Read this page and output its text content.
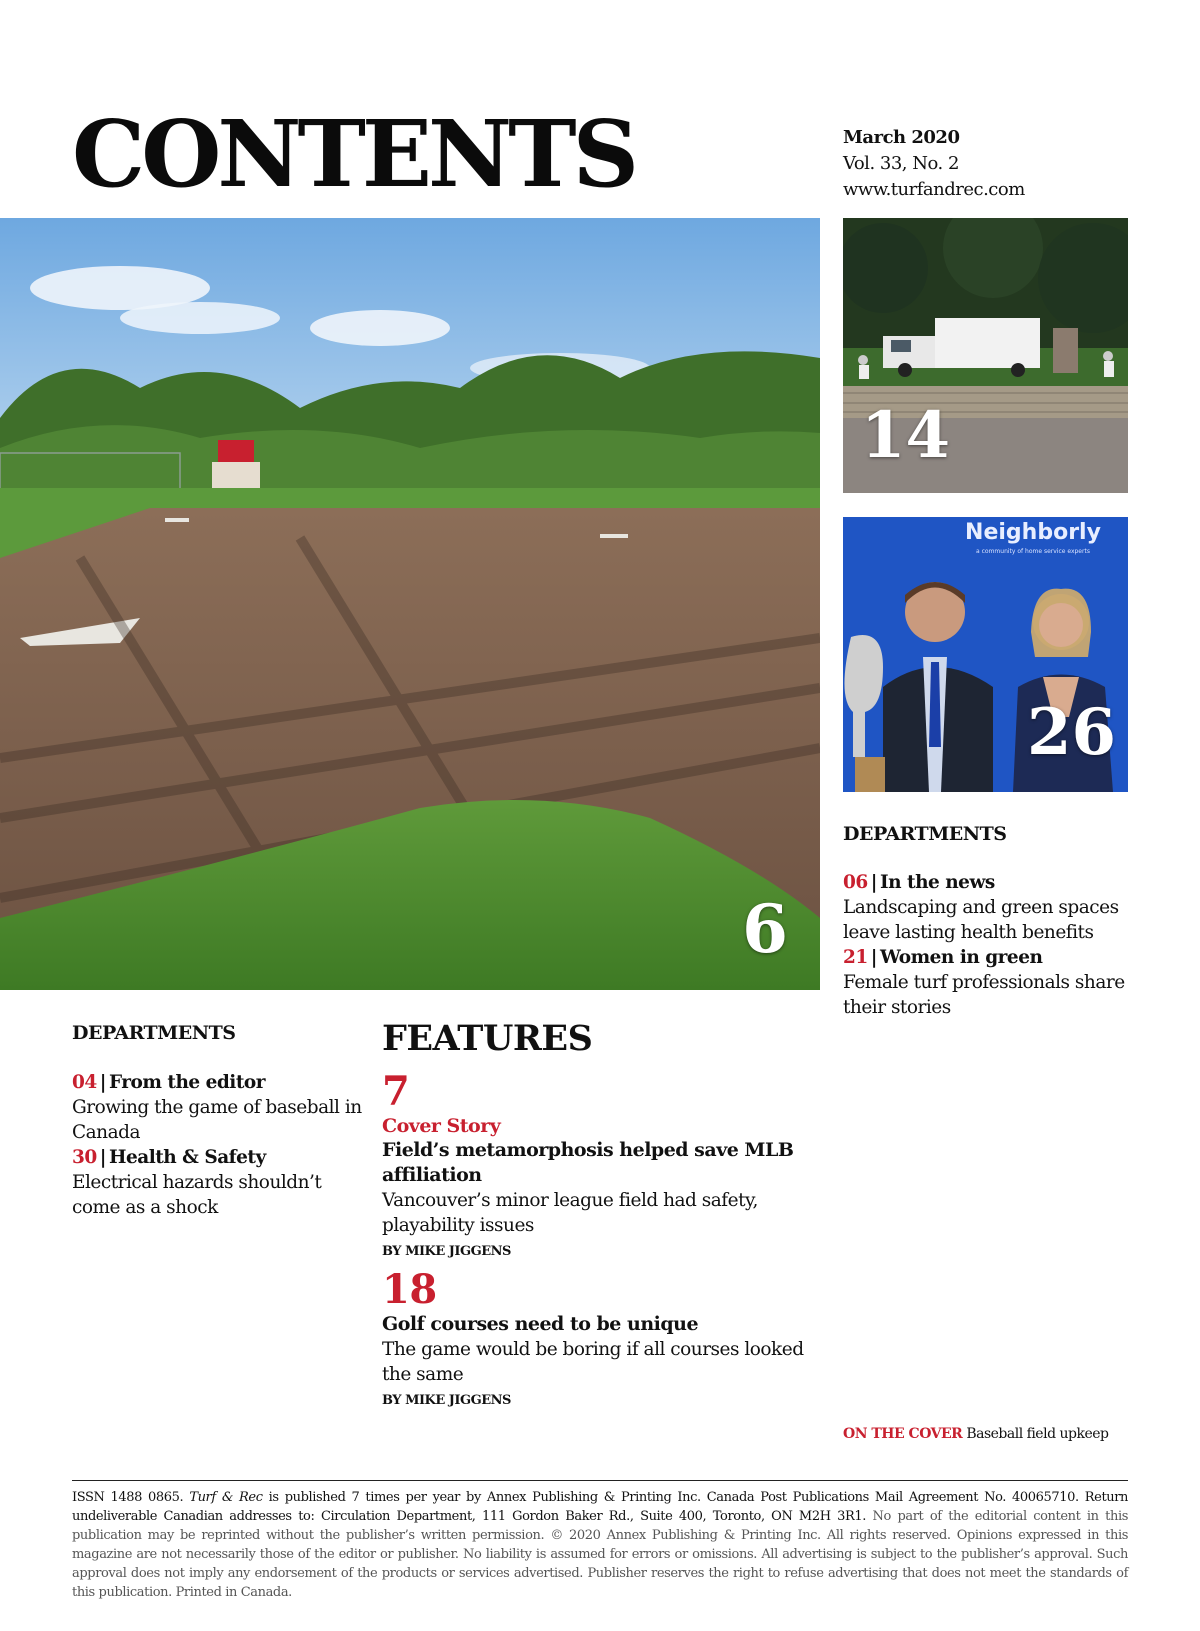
CONTENTS	March 2020
Vol. 33, No. 2
www.turfandrec.com
6
14
Neighborly
a community of home service experts
26
DEPARTMENTS
06 | In the news
Landscaping and green spaces leave lasting health benefits
21 | Women in green
Female turf professionals share their stories
DEPARTMENTS
04 | From the editor
Growing the game of baseball in Canada
30 | Health & Safety
Electrical hazards shouldn’t come as a shock
FEATURES
7
Cover Story
Field’s metamorphosis helped save MLB affiliation
Vancouver’s minor league field had safety, playability issues
BY MIKE JIGGENS
18
Golf courses need to be unique
The game would be boring if all courses looked the same
BY MIKE JIGGENS
ON THE COVER Baseball field upkeep
ISSN 1488 0865. Turf & Rec is published 7 times per year by Annex Publishing & Printing Inc. Canada Post Publications Mail Agreement No. 40065710. Return undeliverable Canadian addresses to: Circulation Department, 111 Gordon Baker Rd., Suite 400, Toronto, ON M2H 3R1. No part of the editorial content in this publication may be reprinted without the publisher’s written permission. © 2020 Annex Publishing & Printing Inc. All rights reserved. Opinions expressed in this magazine are not necessarily those of the editor or publisher. No liability is assumed for errors or omissions. All advertising is subject to the publisher’s approval. Such approval does not imply any endorsement of the products or services advertised. Publisher reserves the right to refuse advertising that does not meet the standards of this publication. Printed in Canada.
